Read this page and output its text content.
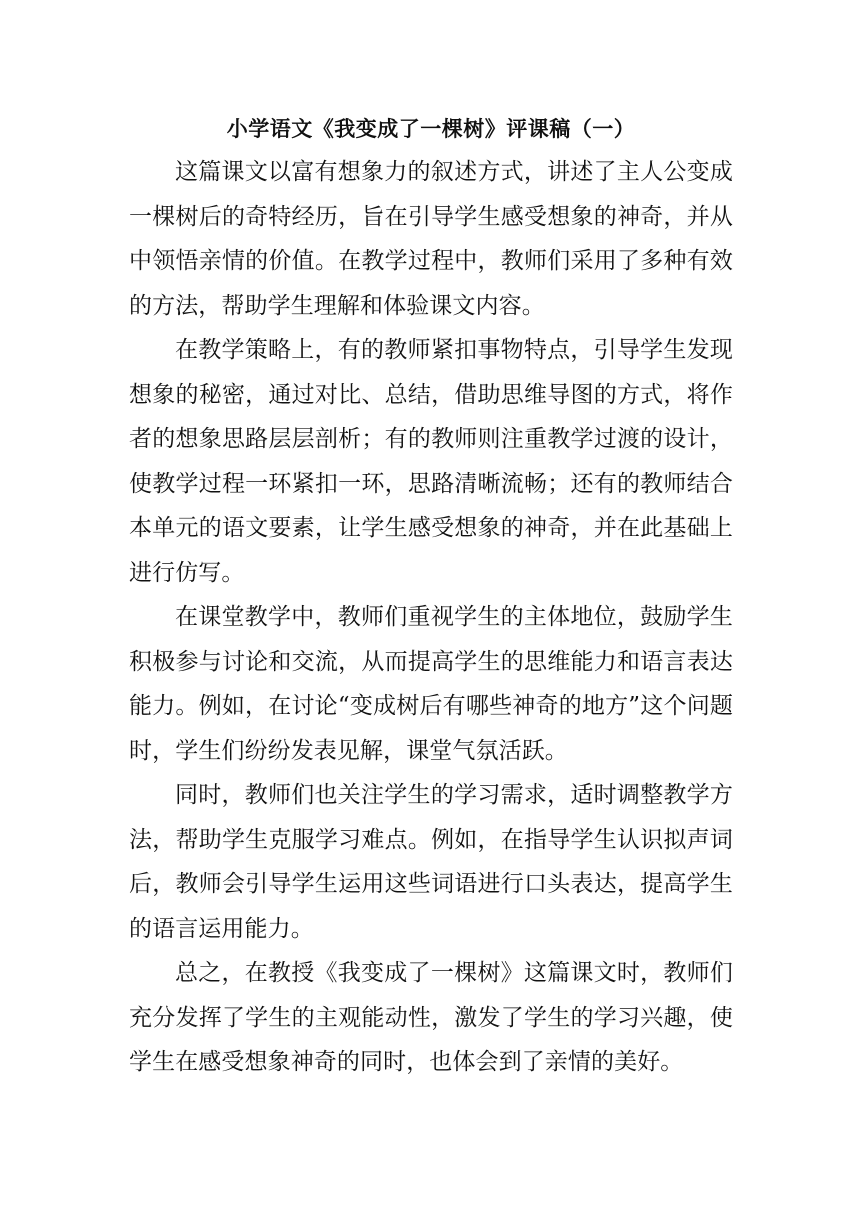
小学语文《我变成了一棵树》评课稿（一）

这篇课文以富有想象力的叙述方式，讲述了主人公变成一棵树后的奇特经历，旨在引导学生感受想象的神奇，并从中领悟亲情的价值。在教学过程中，教师们采用了多种有效的方法，帮助学生理解和体验课文内容。

在教学策略上，有的教师紧扣事物特点，引导学生发现想象的秘密，通过对比、总结，借助思维导图的方式，将作者的想象思路层层剖析；有的教师则注重教学过渡的设计，使教学过程一环紧扣一环，思路清晰流畅；还有的教师结合本单元的语文要素，让学生感受想象的神奇，并在此基础上进行仿写。

在课堂教学中，教师们重视学生的主体地位，鼓励学生积极参与讨论和交流，从而提高学生的思维能力和语言表达能力。例如，在讨论“变成树后有哪些神奇的地方”这个问题时，学生们纷纷发表见解，课堂气氛活跃。

同时，教师们也关注学生的学习需求，适时调整教学方法，帮助学生克服学习难点。例如，在指导学生认识拟声词后，教师会引导学生运用这些词语进行口头表达，提高学生的语言运用能力。

总之，在教授《我变成了一棵树》这篇课文时，教师们充分发挥了学生的主观能动性，激发了学生的学习兴趣，使学生在感受想象神奇的同时，也体会到了亲情的美好。
